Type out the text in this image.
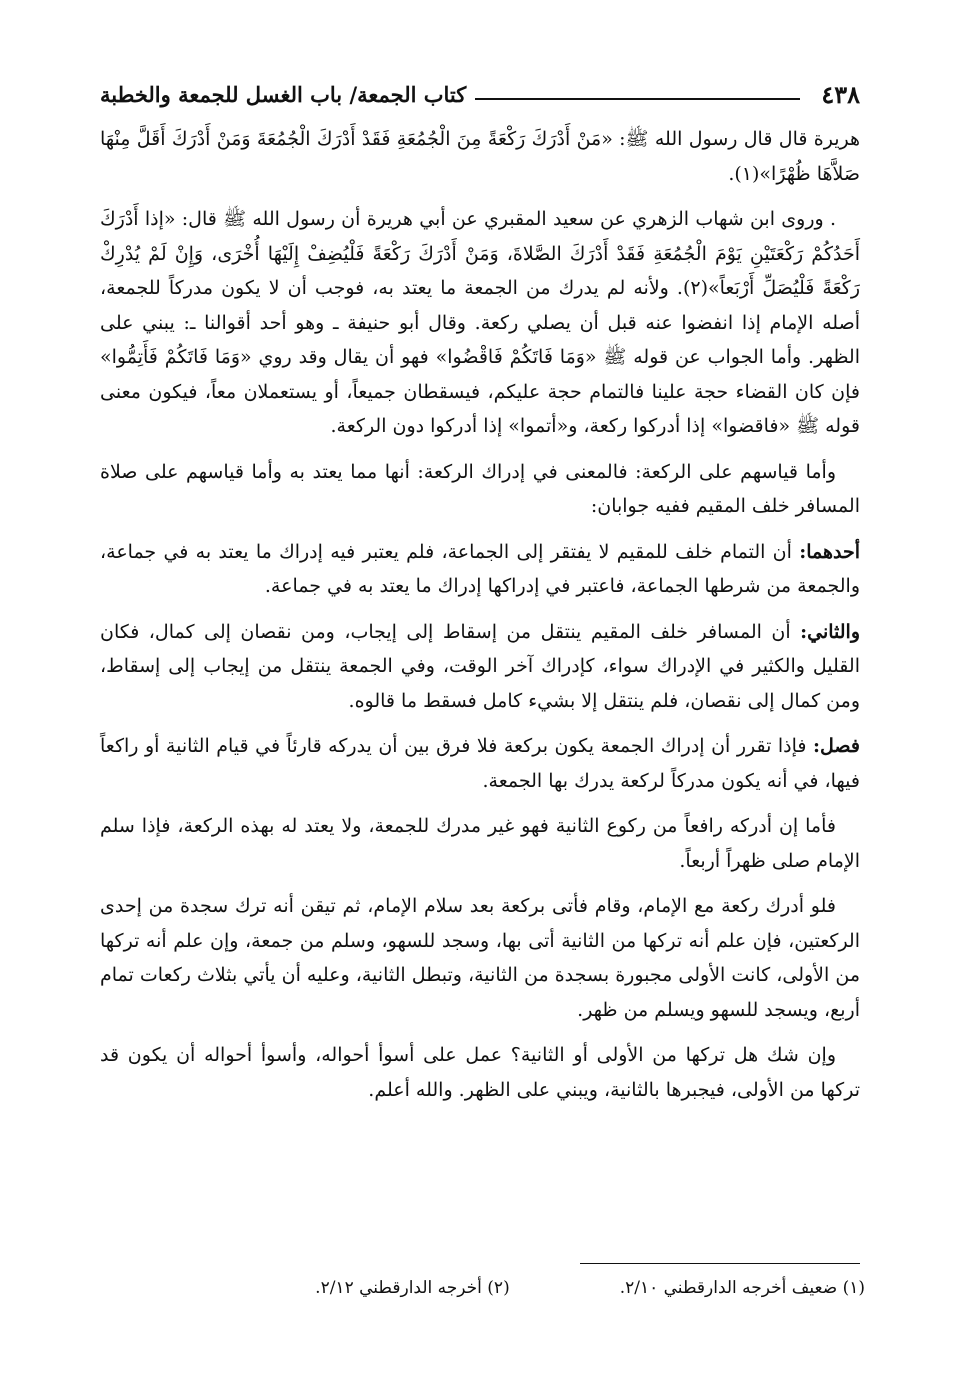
٤٣٨
كتاب الجمعة/ باب الغسل للجمعة والخطبة

هريرة قال قال رسول الله ﷺ: «مَنْ أَدْرَكَ رَكْعَةً مِنَ الْجُمُعَةِ فَقَدْ أَدْرَكَ الْجُمُعَةَ وَمَنْ أَدْرَكَ أَقَلَّ مِنْهَا صَلاَّهَا ظُهْرًا»(١).

. وروى ابن شهاب الزهري عن سعيد المقبري عن أبي هريرة أن رسول الله ﷺ قال: «إذا أَدْرَكَ أَحَدُكُمْ رَكْعَتَيْنِ يَوْمَ الْجُمُعَةِ فَقَدْ أَدْرَكَ الصَّلاةَ، وَمَنْ أَدْرَكَ رَكْعَةً فَلْيُضِفْ إِلَيْهَا أُخْرَى، وَإِنْ لَمْ يُدْرِكْ رَكْعَةً فَلْيُصَلِّ أَرْبَعاً»(٢). ولأنه لم يدرك من الجمعة ما يعتد به، فوجب أن لا يكون مدركاً للجمعة، أصله الإمام إذا انفضوا عنه قبل أن يصلي ركعة. وقال أبو حنيفة ـ وهو أحد أقوالنا ـ: يبني على الظهر. وأما الجواب عن قوله ﷺ «وَمَا فَاتَكُمْ فَاقْضُوا» فهو أن يقال وقد روي «وَمَا فَاتَكُمْ فَأَتِمُّوا» فإن كان القضاء حجة علينا فالتمام حجة عليكم، فيسقطان جميعاً، أو يستعملان معاً، فيكون معنى قوله ﷺ «فاقضوا» إذا أدركوا ركعة، و«أتموا» إذا أدركوا دون الركعة.

وأما قياسهم على الركعة: فالمعنى في إدراك الركعة: أنها مما يعتد به وأما قياسهم على صلاة المسافر خلف المقيم ففيه جوابان:

أحدهما: أن التمام خلف للمقيم لا يفتقر إلى الجماعة، فلم يعتبر فيه إدراك ما يعتد به في جماعة، والجمعة من شرطها الجماعة، فاعتبر في إدراكها إدراك ما يعتد به في جماعة.

والثاني: أن المسافر خلف المقيم ينتقل من إسقاط إلى إيجاب، ومن نقصان إلى كمال، فكان القليل والكثير في الإدراك سواء، كإدراك آخر الوقت، وفي الجمعة ينتقل من إيجاب إلى إسقاط، ومن كمال إلى نقصان، فلم ينتقل إلا بشيء كامل فسقط ما قالوه.

فصل: فإذا تقرر أن إدراك الجمعة يكون بركعة فلا فرق بين أن يدركه قارئاً في قيام الثانية أو راكعاً فيها، في أنه يكون مدركاً لركعة يدرك بها الجمعة.

فأما إن أدركه رافعاً من ركوع الثانية فهو غير مدرك للجمعة، ولا يعتد له بهذه الركعة، فإذا سلم الإمام صلى ظهراً أربعاً.

فلو أدرك ركعة مع الإمام، وقام فأتى بركعة بعد سلام الإمام، ثم تيقن أنه ترك سجدة من إحدى الركعتين، فإن علم أنه تركها من الثانية أتى بها، وسجد للسهو، وسلم من جمعة، وإن علم أنه تركها من الأولى، كانت الأولى مجبورة بسجدة من الثانية، وتبطل الثانية، وعليه أن يأتي بثلاث ركعات تمام أربع، ويسجد للسهو ويسلم من ظهر.

وإن شك هل تركها من الأولى أو الثانية؟ عمل على أسوأ أحواله، وأسوأ أحواله أن يكون قد تركها من الأولى، فيجبرها بالثانية، ويبني على الظهر. والله أعلم.

(١) ضعيف أخرجه الدارقطني ٢/١٠.
(٢) أخرجه الدارقطني ٢/١٢.
